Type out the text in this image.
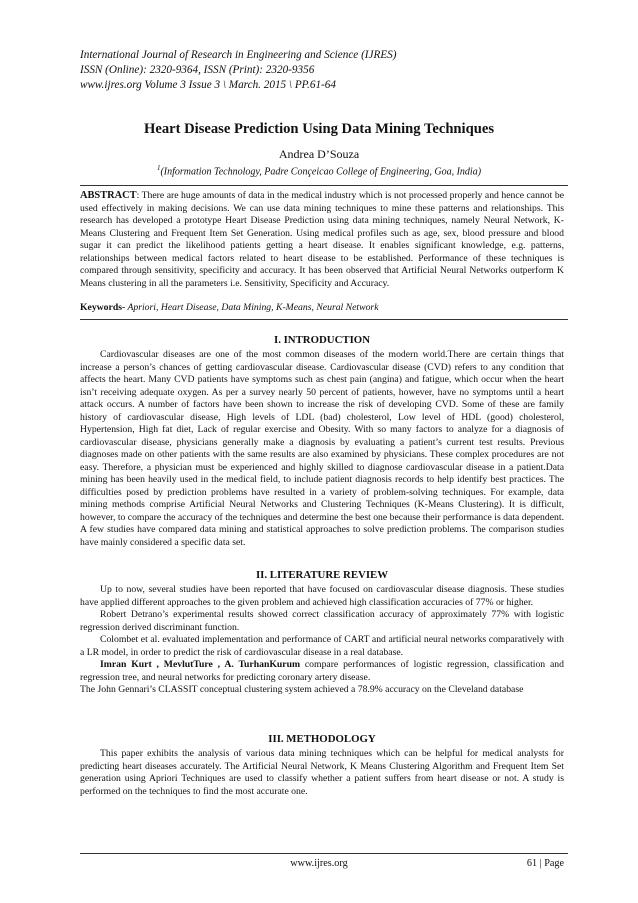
International Journal of Research in Engineering and Science (IJRES)
ISSN (Online): 2320-9364, ISSN (Print): 2320-9356
www.ijres.org Volume 3 Issue 3 \ March. 2015 \ PP.61-64
Heart Disease Prediction Using Data Mining Techniques
Andrea D’Souza
$^1$(Information Technology, Padre Conçeicao College of Engineering, Goa, India)
ABSTRACT: There are huge amounts of data in the medical industry which is not processed properly and hence cannot be used effectively in making decisions. We can use data mining techniques to mine these patterns and relationships. This research has developed a prototype Heart Disease Prediction using data mining techniques, namely Neural Network, K-Means Clustering and Frequent Item Set Generation. Using medical profiles such as age, sex, blood pressure and blood sugar it can predict the likelihood patients getting a heart disease. It enables significant knowledge, e.g. patterns, relationships between medical factors related to heart disease to be established. Performance of these techniques is compared through sensitivity, specificity and accuracy. It has been observed that Artificial Neural Networks outperform K Means clustering in all the parameters i.e. Sensitivity, Specificity and Accuracy.
Keywords- Apriori, Heart Disease, Data Mining, K-Means, Neural Network
I. INTRODUCTION

Cardiovascular diseases are one of the most common diseases of the modern world.There are certain things that increase a person’s chances of getting cardiovascular disease. Cardiovascular disease (CVD) refers to any condition that affects the heart. Many CVD patients have symptoms such as chest pain (angina) and fatigue, which occur when the heart isn’t receiving adequate oxygen. As per a survey nearly 50 percent of patients, however, have no symptoms until a heart attack occurs. A number of factors have been shown to increase the risk of developing CVD. Some of these are family history of cardiovascular disease, High levels of LDL (bad) cholesterol, Low level of HDL (good) cholesterol, Hypertension, High fat diet, Lack of regular exercise and Obesity. With so many factors to analyze for a diagnosis of cardiovascular disease, physicians generally make a diagnosis by evaluating a patient’s current test results. Previous diagnoses made on other patients with the same results are also examined by physicians. These complex procedures are not easy. Therefore, a physician must be experienced and highly skilled to diagnose cardiovascular disease in a patient.Data mining has been heavily used in the medical field, to include patient diagnosis records to help identify best practices. The difficulties posed by prediction problems have resulted in a variety of problem-solving techniques. For example, data mining methods comprise Artificial Neural Networks and Clustering Techniques (K-Means Clustering). It is difficult, however, to compare the accuracy of the techniques and determine the best one because their performance is data dependent. A few studies have compared data mining and statistical approaches to solve prediction problems. The comparison studies have mainly considered a specific data set.

II. LITERATURE REVIEW

Up to now, several studies have been reported that have focused on cardiovascular disease diagnosis. These studies have applied different approaches to the given problem and achieved high classification accuracies of 77% or higher.

Robert Detrano’s experimental results showed correct classification accuracy of approximately 77% with logistic regression derived discriminant function.

Colombet et al. evaluated implementation and performance of CART and artificial neural networks comparatively with a LR model, in order to predict the risk of cardiovascular disease in a real database.

Imran Kurt , MevlutTure , A. TurhanKurum compare performances of logistic regression, classification and regression tree, and neural networks for predicting coronary artery disease.

The John Gennari’s CLASSIT conceptual clustering system achieved a 78.9% accuracy on the Cleveland database

III. METHODOLOGY

This paper exhibits the analysis of various data mining techniques which can be helpful for medical analysts for predicting heart diseases accurately. The Artificial Neural Network, K Means Clustering Algorithm and Frequent Item Set generation using Apriori Techniques are used to classify whether a patient suffers from heart disease or not. A study is performed on the techniques to find the most accurate one.

www.ijres.org	61 | Page
